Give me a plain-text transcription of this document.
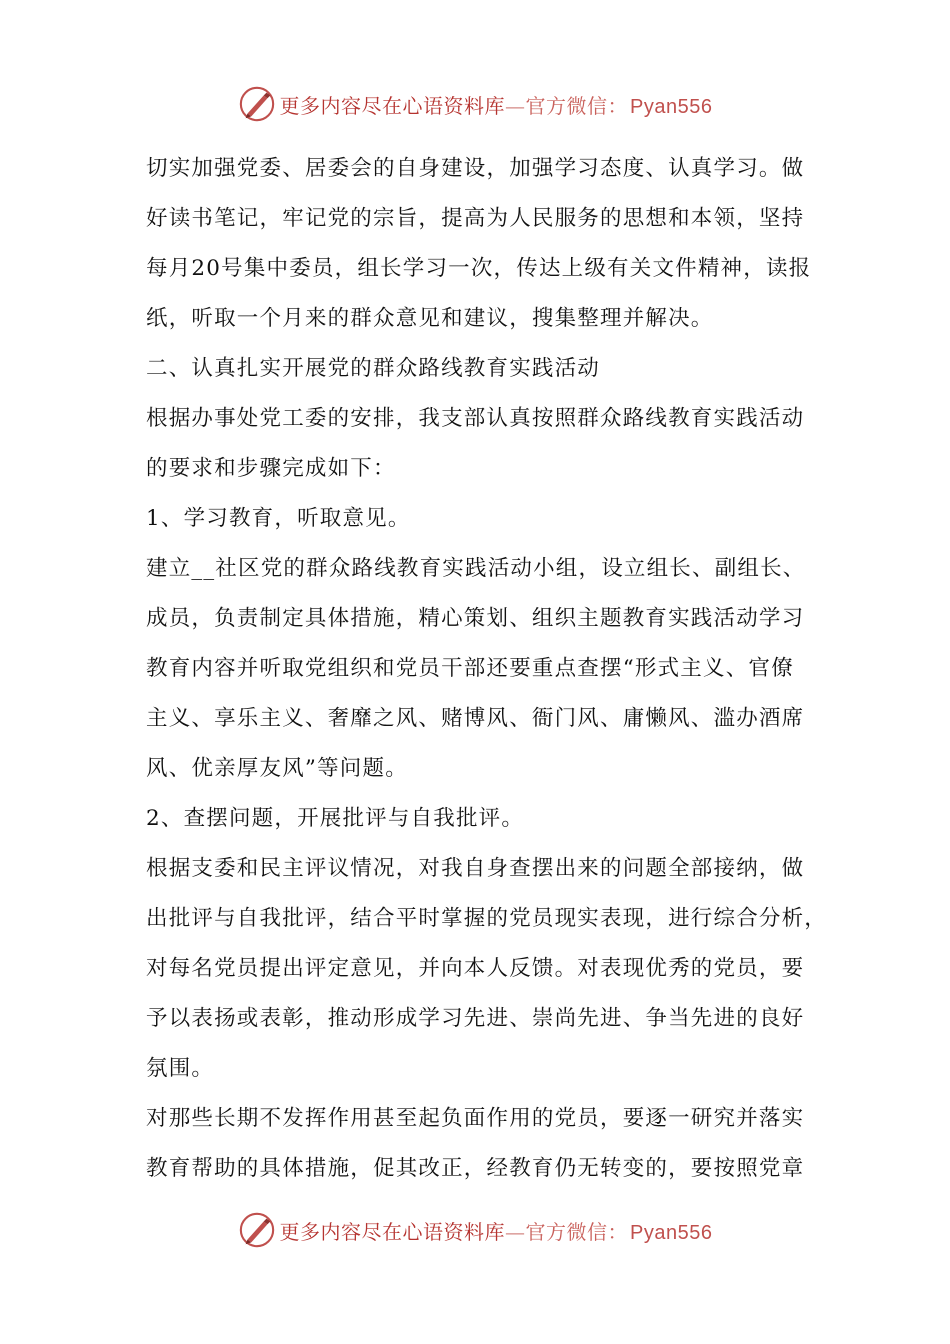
更多内容尽在心语资料库—官方微信： Pyan556
切实加强党委、居委会的自身建设，加强学习态度、认真学习。做
好读书笔记，牢记党的宗旨，提高为人民服务的思想和本领，坚持
每月20号集中委员，组长学习一次，传达上级有关文件精神，读报
纸，听取一个月来的群众意见和建议，搜集整理并解决。
二、认真扎实开展党的群众路线教育实践活动
根据办事处党工委的安排，我支部认真按照群众路线教育实践活动
的要求和步骤完成如下：
1、学习教育，听取意见。
建立__社区党的群众路线教育实践活动小组，设立组长、副组长、
成员，负责制定具体措施，精心策划、组织主题教育实践活动学习
教育内容并听取党组织和党员干部还要重点查摆“形式主义、官僚
主义、享乐主义、奢靡之风、赌博风、衙门风、庸懒风、滥办酒席
风、优亲厚友风”等问题。
2、查摆问题，开展批评与自我批评。
根据支委和民主评议情况，对我自身查摆出来的问题全部接纳，做
出批评与自我批评，结合平时掌握的党员现实表现，进行综合分析，
对每名党员提出评定意见，并向本人反馈。对表现优秀的党员，要
予以表扬或表彰，推动形成学习先进、崇尚先进、争当先进的良好
氛围。
对那些长期不发挥作用甚至起负面作用的党员，要逐一研究并落实
教育帮助的具体措施，促其改正，经教育仍无转变的，要按照党章
更多内容尽在心语资料库—官方微信： Pyan556
